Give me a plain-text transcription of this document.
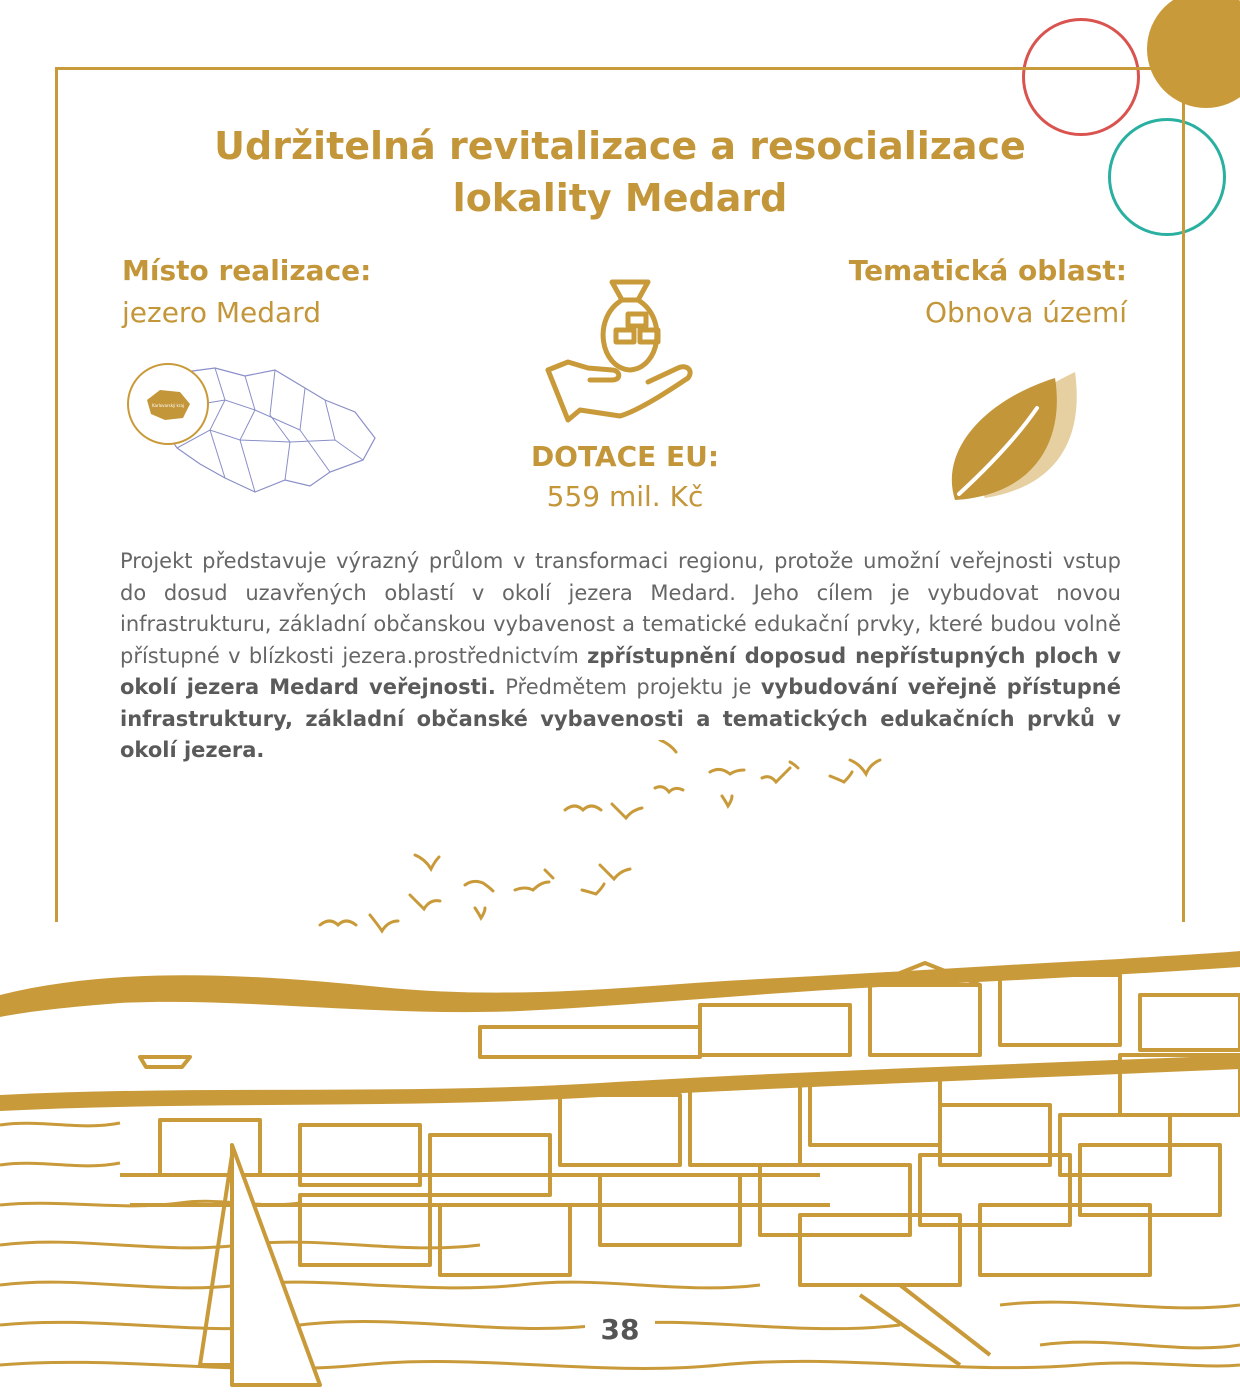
Udržitelná revitalizace a resocializace
lokality Medard
Místo realizace:
jezero Medard
Tematická oblast:
Obnova území
Karlovarský kraj
DOTACE EU:
559 mil. Kč
Projekt představuje výrazný průlom v transformaci regionu, protože umožní veřejnosti vstup do dosud uzavřených oblastí v okolí jezera Medard. Jeho cílem je vybudovat novou infrastrukturu, základní občanskou vybavenost a tematické edukační prvky, které budou volně přístupné v blízkosti jezera.prostřednictvím zpřístupnění doposud nepřístupných ploch v okolí jezera Medard veřejnosti. Předmětem projektu je vybudování veřejně přístupné infrastruktury, základní občanské vybavenosti a tematických edukačních prvků v okolí jezera.
38
